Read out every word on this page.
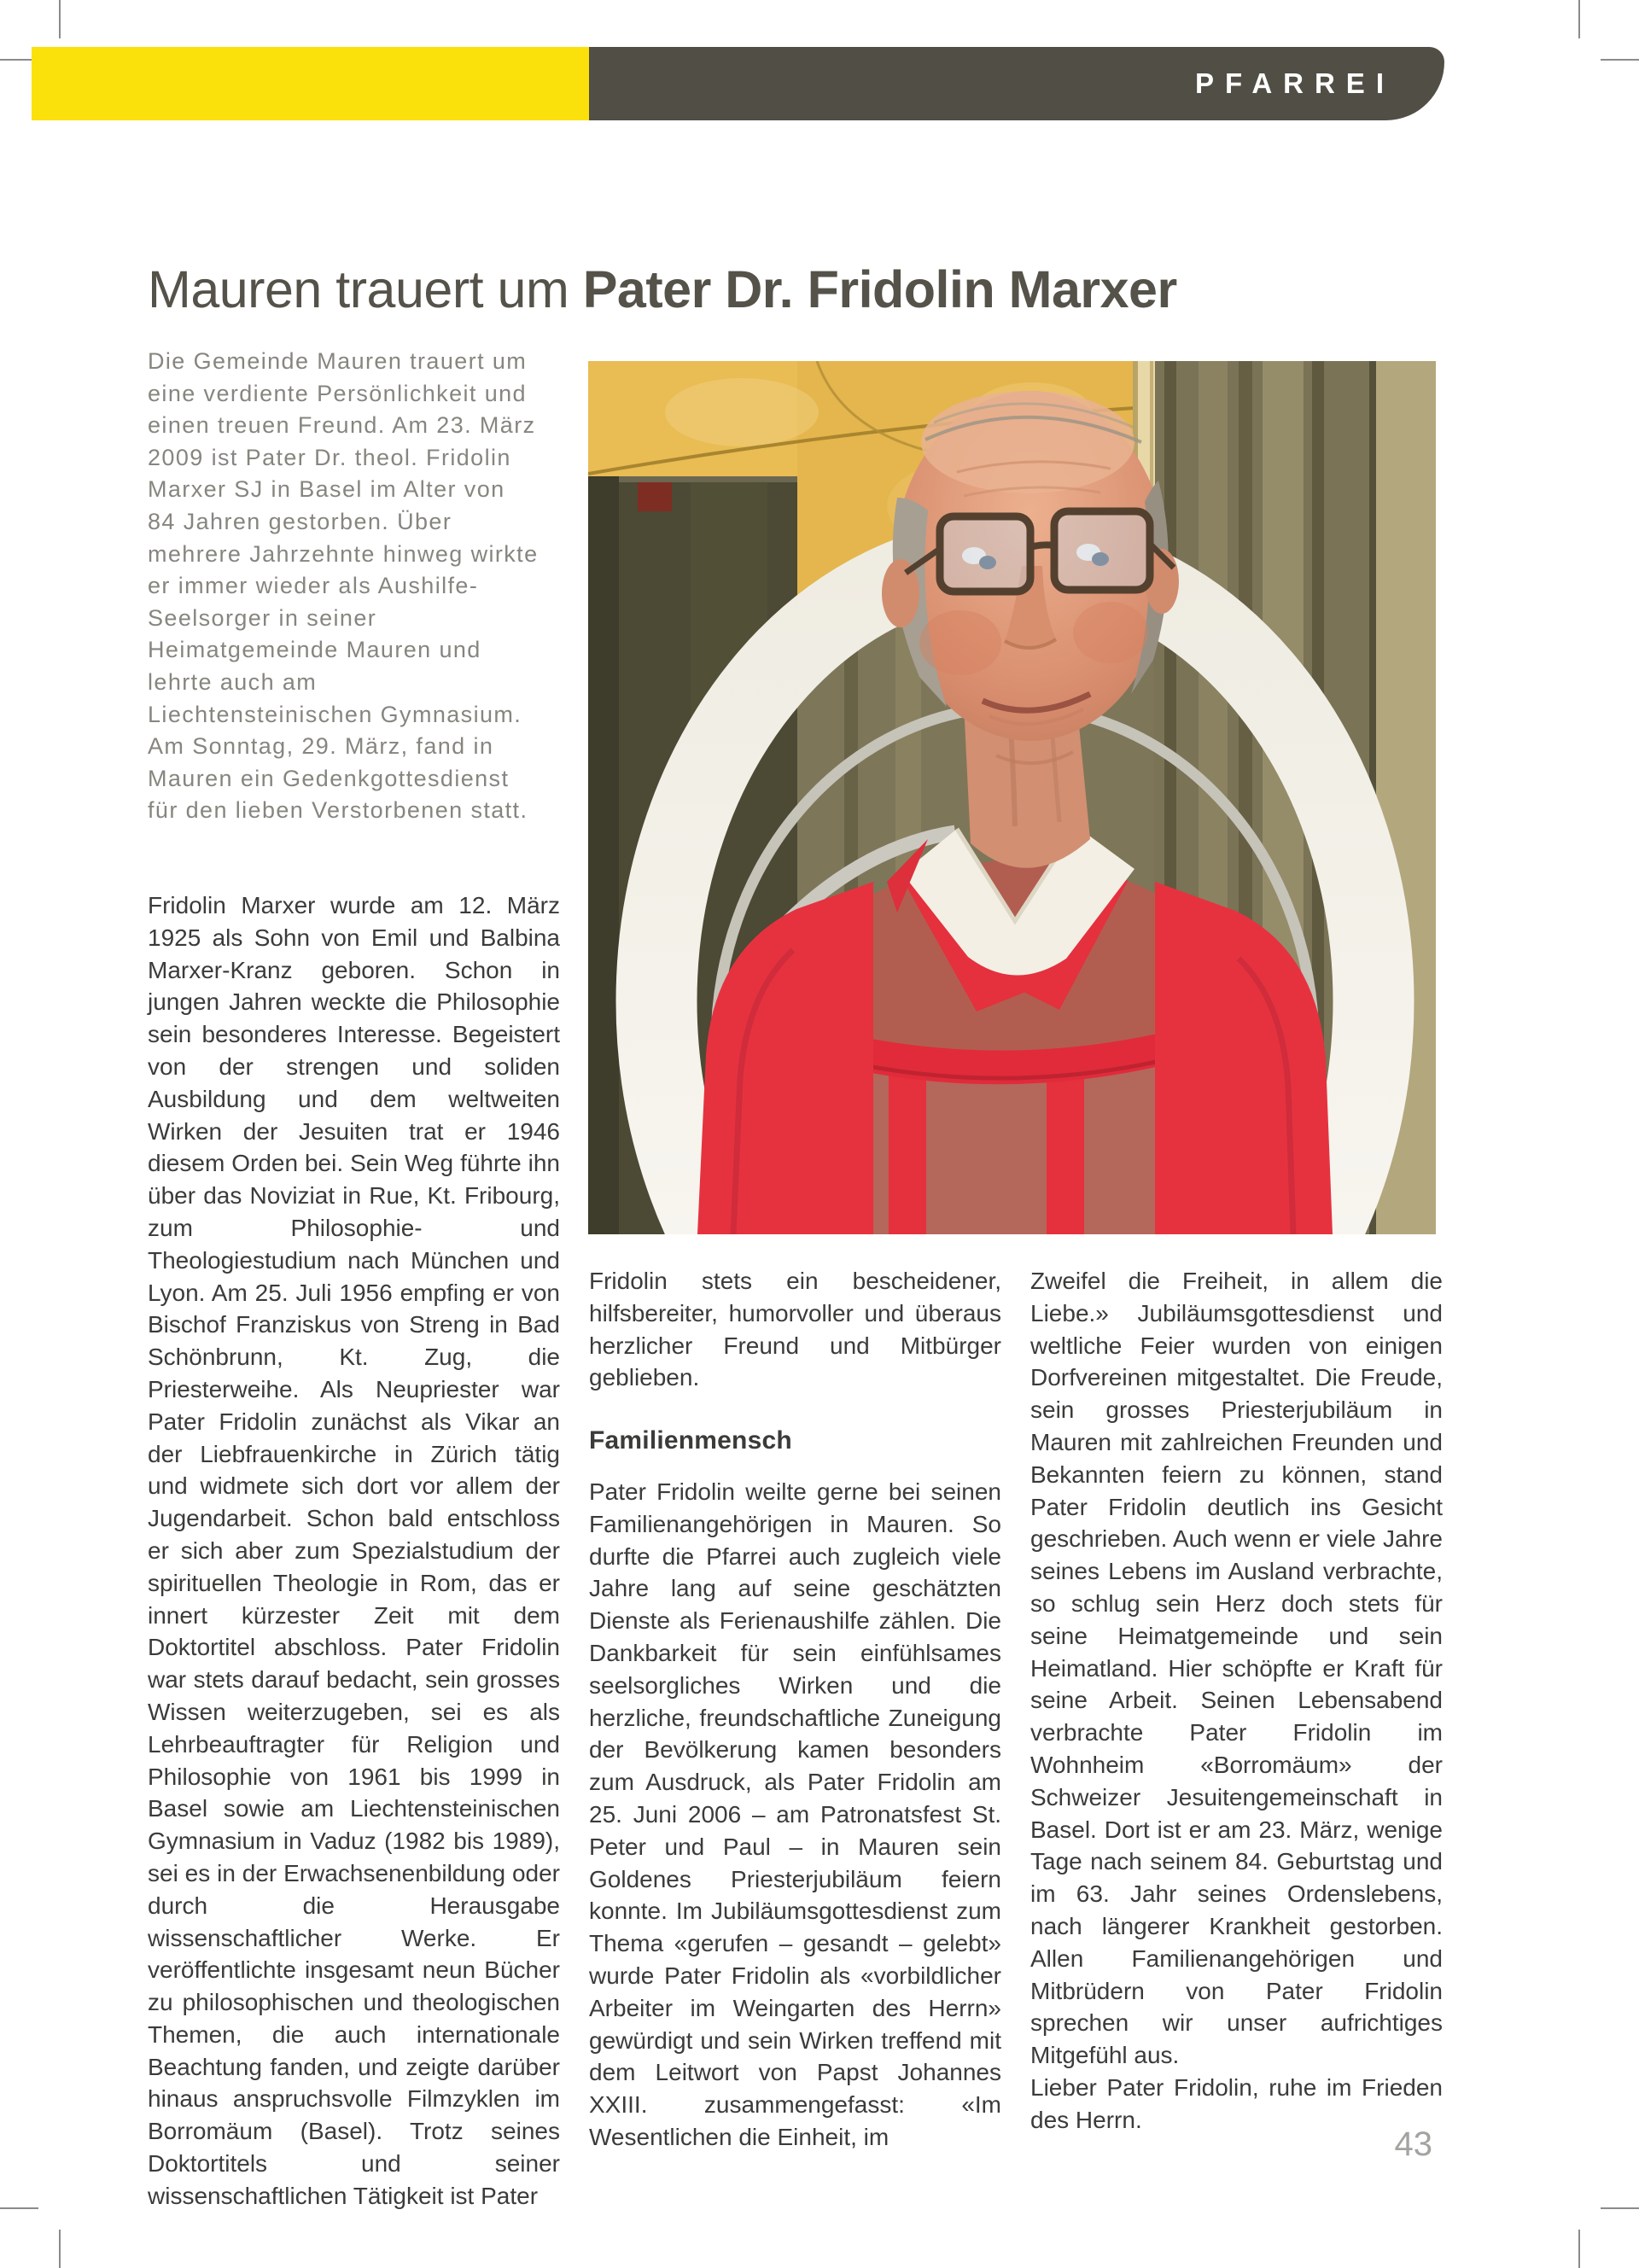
PFARREI
Mauren trauert um Pater Dr. Fridolin Marxer
Die Gemeinde Mauren trauert um eine verdiente Persönlichkeit und einen treuen Freund. Am 23. März 2009 ist Pater Dr. theol. Fridolin Marxer SJ in Basel im Alter von 84 Jahren gestorben. Über mehrere Jahrzehnte hinweg wirkte er immer wieder als Aushilfe-Seelsorger in seiner Heimatgemeinde Mauren und lehrte auch am Liechtensteinischen Gymnasium. Am Sonntag, 29. März, fand in Mauren ein Gedenkgottesdienst für den lieben Verstorbenen statt.

Fridolin Marxer wurde am 12. März 1925 als Sohn von Emil und Balbina Marxer-Kranz geboren. Schon in jungen Jahren weckte die Philosophie sein besonderes Interesse. Begeistert von der strengen und soliden Ausbildung und dem weltweiten Wirken der Jesuiten trat er 1946 diesem Orden bei. Sein Weg führte ihn über das Noviziat in Rue, Kt. Fribourg, zum Philosophie- und Theologiestudium nach München und Lyon. Am 25. Juli 1956 empfing er von Bischof Franziskus von Streng in Bad Schönbrunn, Kt. Zug, die Priesterweihe. Als Neupriester war Pater Fridolin zunächst als Vikar an der Liebfrauenkirche in Zürich tätig und widmete sich dort vor allem der Jugendarbeit. Schon bald entschloss er sich aber zum Spezialstudium der spirituellen Theologie in Rom, das er innert kürzester Zeit mit dem Doktortitel abschloss. Pater Fridolin war stets darauf bedacht, sein grosses Wissen weiterzugeben, sei es als Lehrbeauftragter für Religion und Philosophie von 1961 bis 1999 in Basel sowie am Liechtensteinischen Gymnasium in Vaduz (1982 bis 1989), sei es in der Erwachsenenbildung oder durch die Herausgabe wissenschaftlicher Werke. Er veröffentlichte insgesamt neun Bücher zu philosophischen und theologischen Themen, die auch internationale Beachtung fanden, und zeigte darüber hinaus anspruchsvolle Filmzyklen im Borromäum (Basel). Trotz seines Doktortitels und seiner wissenschaftlichen Tätigkeit ist Pater

Fridolin stets ein bescheidener, hilfsbereiter, humorvoller und überaus herzlicher Freund und Mitbürger geblieben.

Familienmensch

Pater Fridolin weilte gerne bei seinen Familienangehörigen in Mauren. So durfte die Pfarrei auch zugleich viele Jahre lang auf seine geschätzten Dienste als Ferienaushilfe zählen. Die Dankbarkeit für sein einfühlsames seelsorgliches Wirken und die herzliche, freundschaftliche Zuneigung der Bevölkerung kamen besonders zum Ausdruck, als Pater Fridolin am 25. Juni 2006 – am Patronatsfest St. Peter und Paul – in Mauren sein Goldenes Priesterjubiläum feiern konnte. Im Jubiläumsgottesdienst zum Thema «gerufen – gesandt – gelebt» wurde Pater Fridolin als «vorbildlicher Arbeiter im Weingarten des Herrn» gewürdigt und sein Wirken treffend mit dem Leitwort von Papst Johannes XXIII. zusammengefasst: «Im Wesentlichen die Einheit, im

Zweifel die Freiheit, in allem die Liebe.» Jubiläumsgottesdienst und weltliche Feier wurden von einigen Dorfvereinen mitgestaltet. Die Freude, sein grosses Priesterjubiläum in Mauren mit zahlreichen Freunden und Bekannten feiern zu können, stand Pater Fridolin deutlich ins Gesicht geschrieben. Auch wenn er viele Jahre seines Lebens im Ausland verbrachte, so schlug sein Herz doch stets für seine Heimatgemeinde und sein Heimatland. Hier schöpfte er Kraft für seine Arbeit. Seinen Lebensabend verbrachte Pater Fridolin im Wohnheim «Borromäum» der Schweizer Jesuitengemeinschaft in Basel. Dort ist er am 23. März, wenige Tage nach seinem 84. Geburtstag und im 63. Jahr seines Ordenslebens, nach längerer Krankheit gestorben. Allen Familienangehörigen und Mitbrüdern von Pater Fridolin sprechen wir unser aufrichtiges Mitgefühl aus.

Lieber Pater Fridolin, ruhe im Frieden des Herrn.

43
